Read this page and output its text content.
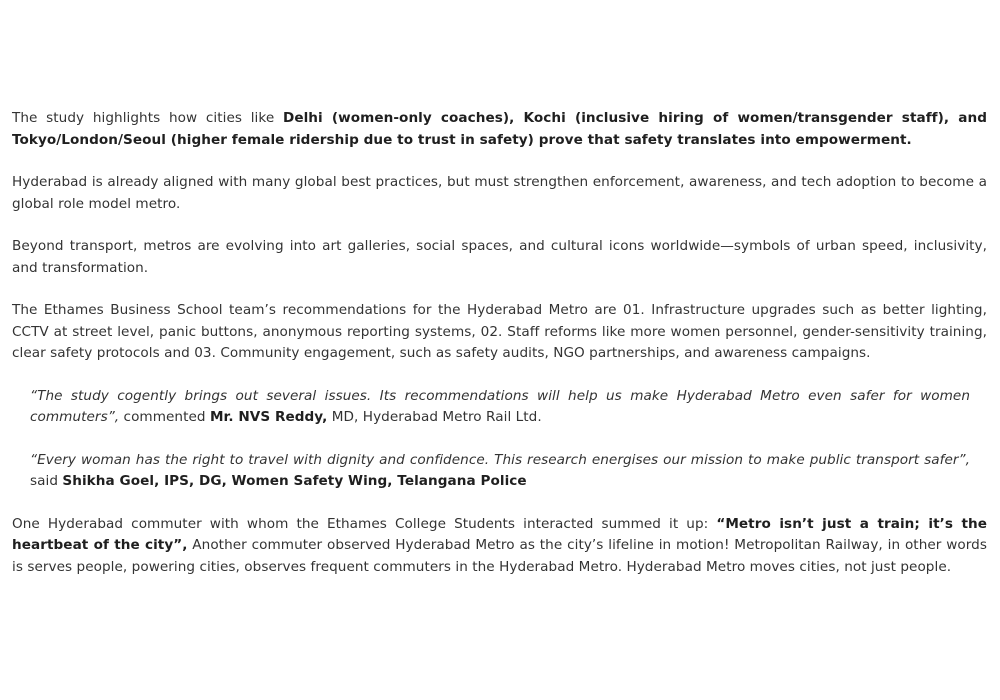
The study highlights how cities like Delhi (women-only coaches), Kochi (inclusive hiring of women/transgender staff), and Tokyo/London/Seoul (higher female ridership due to trust in safety) prove that safety translates into empowerment.

Hyderabad is already aligned with many global best practices, but must strengthen enforcement, awareness, and tech adoption to become a global role model metro.

Beyond transport, metros are evolving into art galleries, social spaces, and cultural icons worldwide—symbols of urban speed, inclusivity, and transformation.

The Ethames Business School team’s recommendations for the Hyderabad Metro are 01. Infrastructure upgrades such as better lighting, CCTV at street level, panic buttons, anonymous reporting systems, 02. Staff reforms like more women personnel, gender-sensitivity training, clear safety protocols and 03. Community engagement, such as safety audits, NGO partnerships, and awareness campaigns.

“The study cogently brings out several issues. Its recommendations will help us make Hyderabad Metro even safer for women commuters”, commented Mr. NVS Reddy, MD, Hyderabad Metro Rail Ltd.

“Every woman has the right to travel with dignity and confidence. This research energises our mission to make public transport safer”, said Shikha Goel, IPS, DG, Women Safety Wing, Telangana Police

One Hyderabad commuter with whom the Ethames College Students interacted summed it up: “Metro isn’t just a train; it’s the heartbeat of the city”, Another commuter observed Hyderabad Metro as the city’s lifeline in motion! Metropolitan Railway, in other words is serves people, powering cities, observes frequent commuters in the Hyderabad Metro. Hyderabad Metro moves cities, not just people.
